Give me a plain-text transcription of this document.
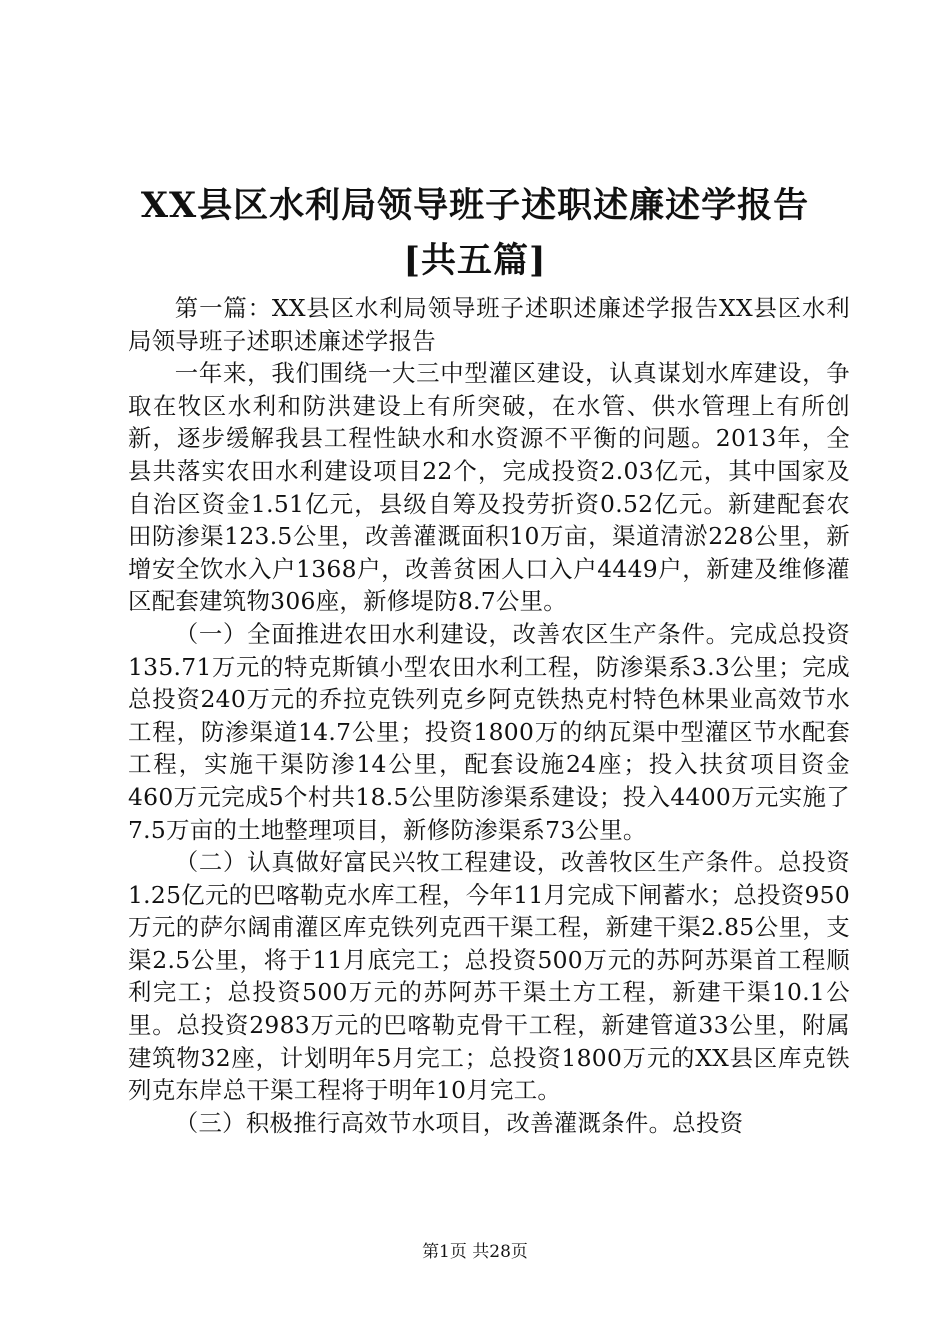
XX县区水利局领导班子述职述廉述学报告[共五篇]

第一篇：XX县区水利局领导班子述职述廉述学报告XX县区水利局领导班子述职述廉述学报告

一年来，我们围绕一大三中型灌区建设，认真谋划水库建设，争取在牧区水利和防洪建设上有所突破，在水管、供水管理上有所创新，逐步缓解我县工程性缺水和水资源不平衡的问题。2013年，全县共落实农田水利建设项目22个，完成投资2.03亿元，其中国家及自治区资金1.51亿元，县级自筹及投劳折资0.52亿元。新建配套农田防渗渠123.5公里，改善灌溉面积10万亩，渠道清淤228公里，新增安全饮水入户1368户，改善贫困人口入户4449户，新建及维修灌区配套建筑物306座，新修堤防8.7公里。

（一）全面推进农田水利建设，改善农区生产条件。完成总投资135.71万元的特克斯镇小型农田水利工程，防渗渠系3.3公里；完成总投资240万元的乔拉克铁列克乡阿克铁热克村特色林果业高效节水工程，防渗渠道14.7公里；投资1800万的纳瓦渠中型灌区节水配套工程，实施干渠防渗14公里，配套设施24座；投入扶贫项目资金460万元完成5个村共18.5公里防渗渠系建设；投入4400万元实施了7.5万亩的土地整理项目，新修防渗渠系73公里。

（二）认真做好富民兴牧工程建设，改善牧区生产条件。总投资1.25亿元的巴喀勒克水库工程，今年11月完成下闸蓄水；总投资950万元的萨尔阔甫灌区库克铁列克西干渠工程，新建干渠2.85公里，支渠2.5公里，将于11月底完工；总投资500万元的苏阿苏渠首工程顺利完工；总投资500万元的苏阿苏干渠土方工程，新建干渠10.1公里。总投资2983万元的巴喀勒克骨干工程，新建管道33公里，附属建筑物32座，计划明年5月完工；总投资1800万元的XX县区库克铁列克东岸总干渠工程将于明年10月完工。

（三）积极推行高效节水项目，改善灌溉条件。总投资

第1页 共28页
